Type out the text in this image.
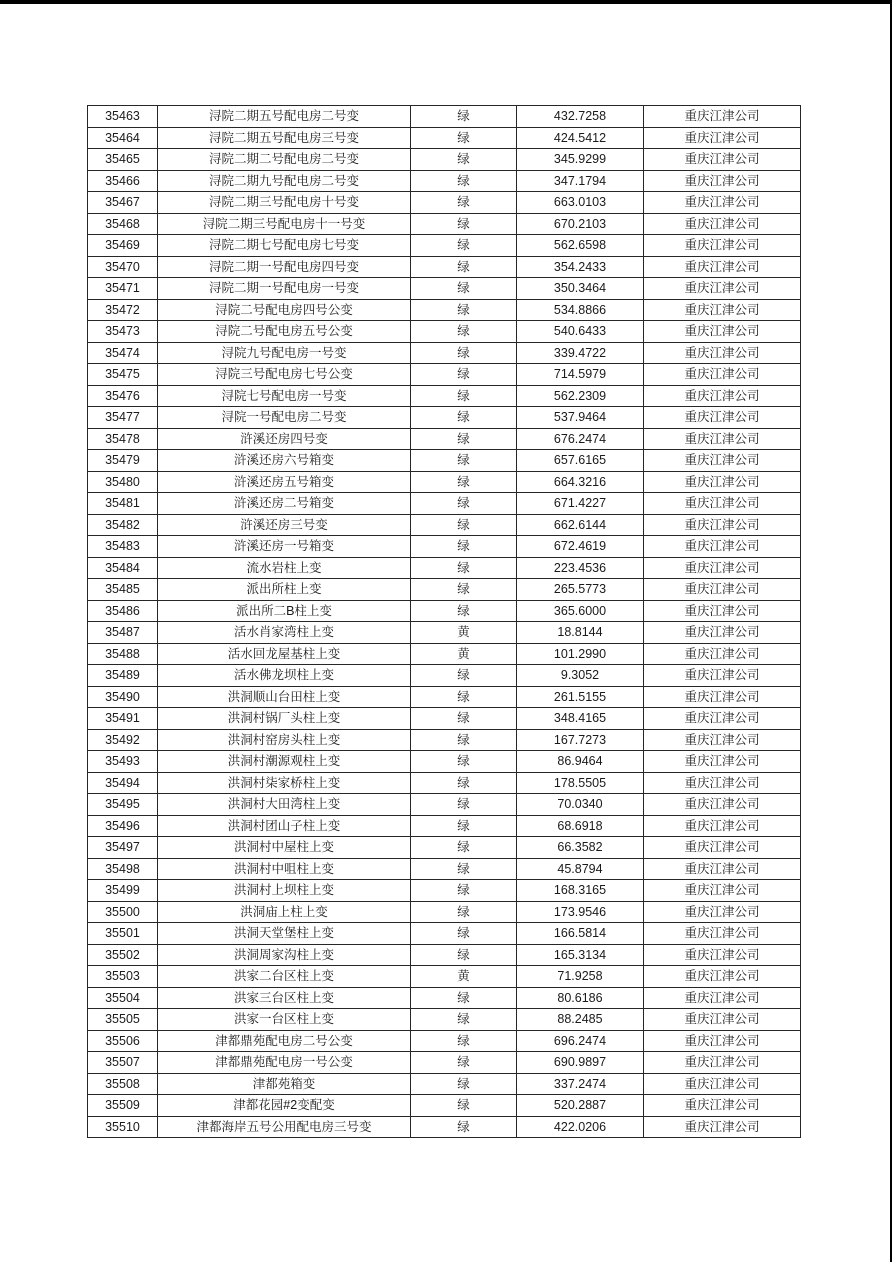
35463	浔院二期五号配电房二号变	绿	432.7258	重庆江津公司
35464	浔院二期五号配电房三号变	绿	424.5412	重庆江津公司
35465	浔院二期二号配电房二号变	绿	345.9299	重庆江津公司
35466	浔院二期九号配电房二号变	绿	347.1794	重庆江津公司
35467	浔院二期三号配电房十号变	绿	663.0103	重庆江津公司
35468	浔院二期三号配电房十一号变	绿	670.2103	重庆江津公司
35469	浔院二期七号配电房七号变	绿	562.6598	重庆江津公司
35470	浔院二期一号配电房四号变	绿	354.2433	重庆江津公司
35471	浔院二期一号配电房一号变	绿	350.3464	重庆江津公司
35472	浔院二号配电房四号公变	绿	534.8866	重庆江津公司
35473	浔院二号配电房五号公变	绿	540.6433	重庆江津公司
35474	浔院九号配电房一号变	绿	339.4722	重庆江津公司
35475	浔院三号配电房七号公变	绿	714.5979	重庆江津公司
35476	浔院七号配电房一号变	绿	562.2309	重庆江津公司
35477	浔院一号配电房二号变	绿	537.9464	重庆江津公司
35478	浒溪还房四号变	绿	676.2474	重庆江津公司
35479	浒溪还房六号箱变	绿	657.6165	重庆江津公司
35480	浒溪还房五号箱变	绿	664.3216	重庆江津公司
35481	浒溪还房二号箱变	绿	671.4227	重庆江津公司
35482	浒溪还房三号变	绿	662.6144	重庆江津公司
35483	浒溪还房一号箱变	绿	672.4619	重庆江津公司
35484	流水岩柱上变	绿	223.4536	重庆江津公司
35485	派出所柱上变	绿	265.5773	重庆江津公司
35486	派出所二B柱上变	绿	365.6000	重庆江津公司
35487	活水肖家湾柱上变	黄	18.8144	重庆江津公司
35488	活水回龙屋基柱上变	黄	101.2990	重庆江津公司
35489	活水佛龙坝柱上变	绿	9.3052	重庆江津公司
35490	洪洞顺山台田柱上变	绿	261.5155	重庆江津公司
35491	洪洞村锅厂头柱上变	绿	348.4165	重庆江津公司
35492	洪洞村窑房头柱上变	绿	167.7273	重庆江津公司
35493	洪洞村潮源观柱上变	绿	86.9464	重庆江津公司
35494	洪洞村柒家桥柱上变	绿	178.5505	重庆江津公司
35495	洪洞村大田湾柱上变	绿	70.0340	重庆江津公司
35496	洪洞村团山子柱上变	绿	68.6918	重庆江津公司
35497	洪洞村中屋柱上变	绿	66.3582	重庆江津公司
35498	洪洞村中咀柱上变	绿	45.8794	重庆江津公司
35499	洪洞村上坝柱上变	绿	168.3165	重庆江津公司
35500	洪洞庙上柱上变	绿	173.9546	重庆江津公司
35501	洪洞天堂堡柱上变	绿	166.5814	重庆江津公司
35502	洪洞周家沟柱上变	绿	165.3134	重庆江津公司
35503	洪家二台区柱上变	黄	71.9258	重庆江津公司
35504	洪家三台区柱上变	绿	80.6186	重庆江津公司
35505	洪家一台区柱上变	绿	88.2485	重庆江津公司
35506	津都鼎苑配电房二号公变	绿	696.2474	重庆江津公司
35507	津都鼎苑配电房一号公变	绿	690.9897	重庆江津公司
35508	津都苑箱变	绿	337.2474	重庆江津公司
35509	津都花园#2变配变	绿	520.2887	重庆江津公司
35510	津都海岸五号公用配电房三号变	绿	422.0206	重庆江津公司
